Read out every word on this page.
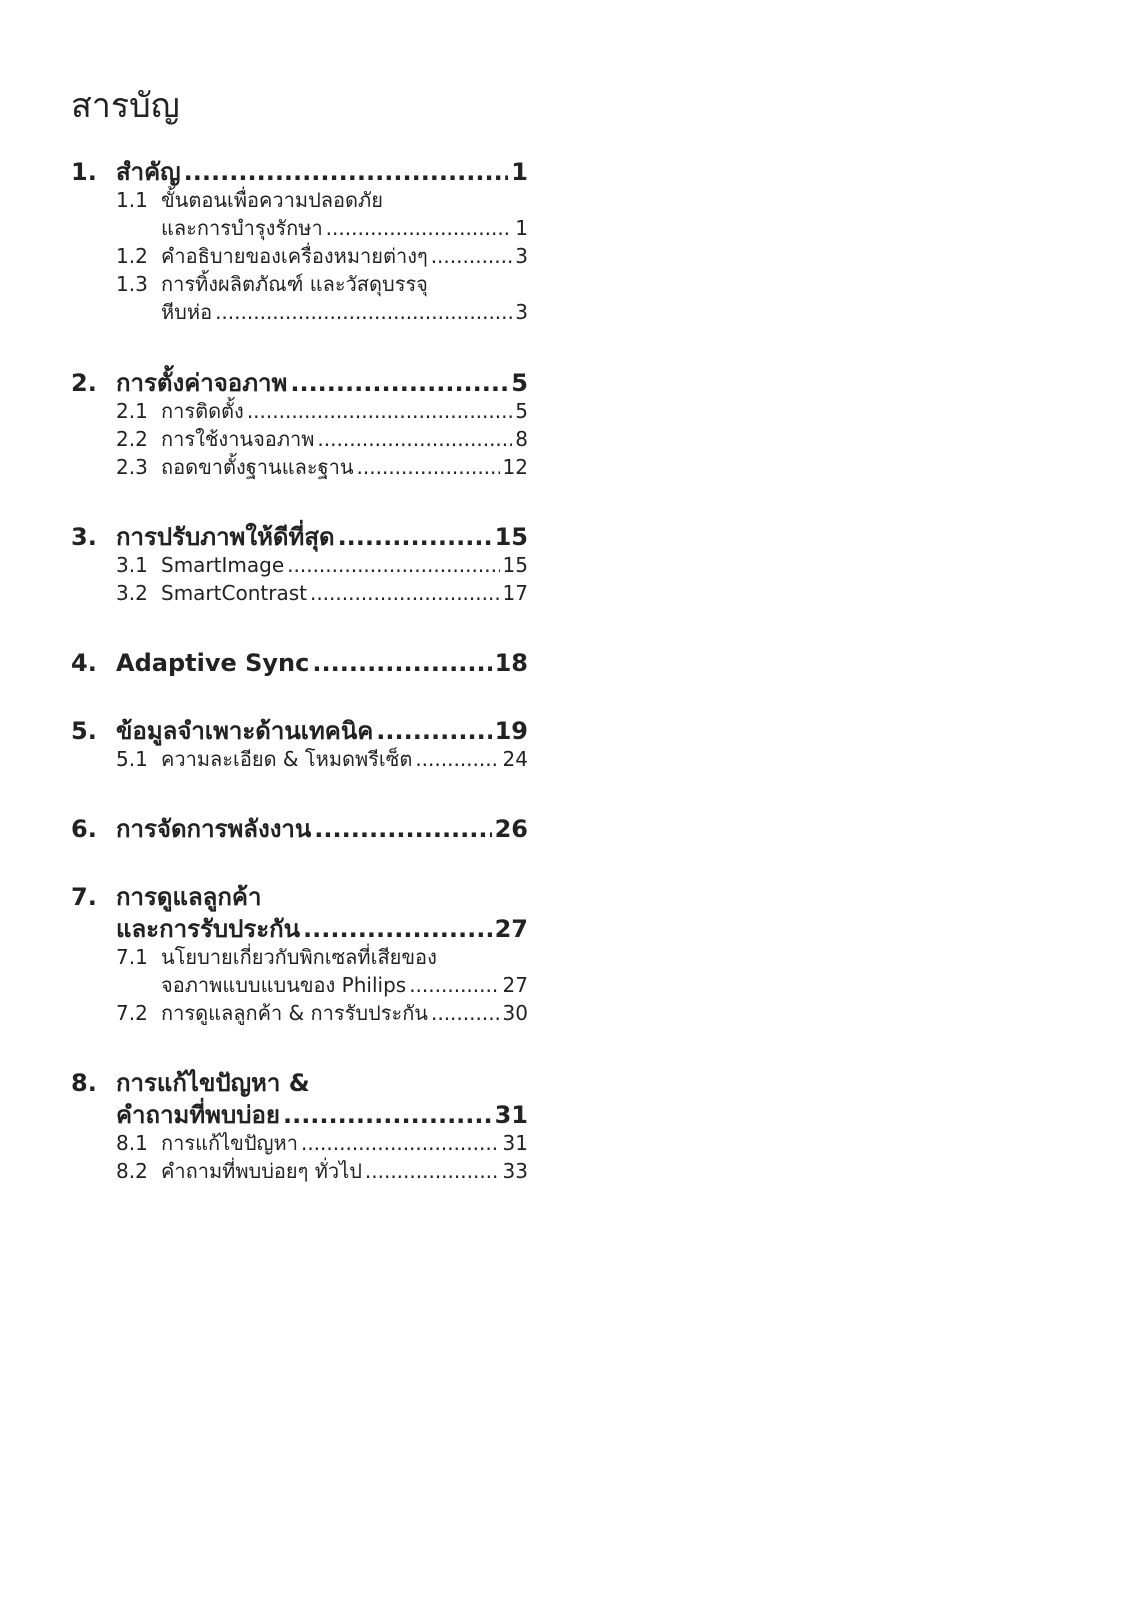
สารบัญ
1. สำคัญ .....	1
1.1 ขั้นตอนเพื่อความปลอดภัย
และการบำรุงรักษา .....	1
1.2 คำอธิบายของเครื่องหมายต่างๆ .....	3
1.3 การทิ้งผลิตภัณฑ์ และวัสดุบรรจุ
หีบห่อ .....	3
2. การตั้งค่าจอภาพ .....	5
2.1 การติดตั้ง .....	5
2.2 การใช้งานจอภาพ .....	8
2.3 ถอดขาตั้งฐานและฐาน .....	12
3. การปรับภาพให้ดีที่สุด .....	15
3.1 SmartImage .....	15
3.2 SmartContrast .....	17
4. Adaptive Sync .....	18
5. ข้อมูลจำเพาะด้านเทคนิค .....	19
5.1 ความละเอียด & โหมดพรีเซ็ต .....	24
6. การจัดการพลังงาน .....	26
7. การดูแลลูกค้า
และการรับประกัน .....	27
7.1 นโยบายเกี่ยวกับพิกเซลที่เสียของ
จอภาพแบบแบนของ Philips .....	27
7.2 การดูแลลูกค้า & การรับประกัน .....	30
8. การแก้ไขปัญหา &
คำถามที่พบบ่อย .....	31
8.1 การแก้ไขปัญหา .....	31
8.2 คำถามที่พบบ่อยๆ ทั่วไป .....	33
